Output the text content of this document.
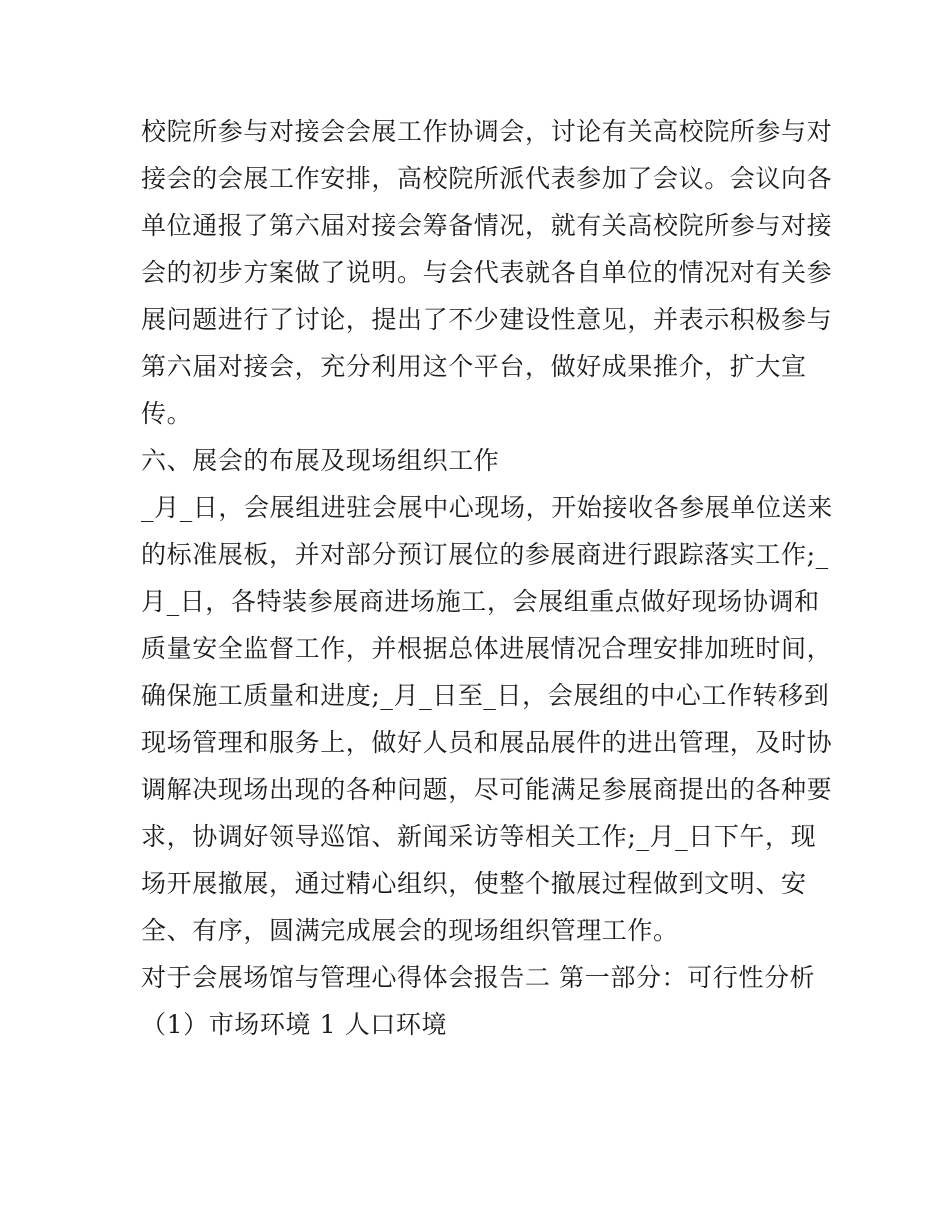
校院所参与对接会会展工作协调会，讨论有关高校院所参与对
接会的会展工作安排，高校院所派代表参加了会议。会议向各
单位通报了第六届对接会筹备情况，就有关高校院所参与对接
会的初步方案做了说明。与会代表就各自单位的情况对有关参
展问题进行了讨论，提出了不少建设性意见，并表示积极参与
第六届对接会，充分利用这个平台，做好成果推介，扩大宣
传。
六、展会的布展及现场组织工作
_月_日，会展组进驻会展中心现场，开始接收各参展单位送来
的标准展板，并对部分预订展位的参展商进行跟踪落实工作;_
月_日，各特装参展商进场施工，会展组重点做好现场协调和
质量安全监督工作，并根据总体进展情况合理安排加班时间，
确保施工质量和进度;_月_日至_日，会展组的中心工作转移到
现场管理和服务上，做好人员和展品展件的进出管理，及时协
调解决现场出现的各种问题，尽可能满足参展商提出的各种要
求，协调好领导巡馆、新闻采访等相关工作;_月_日下午，现
场开展撤展，通过精心组织，使整个撤展过程做到文明、安
全、有序，圆满完成展会的现场组织管理工作。
对于会展场馆与管理心得体会报告二 第一部分：可行性分析
（1）市场环境 1 人口环境
